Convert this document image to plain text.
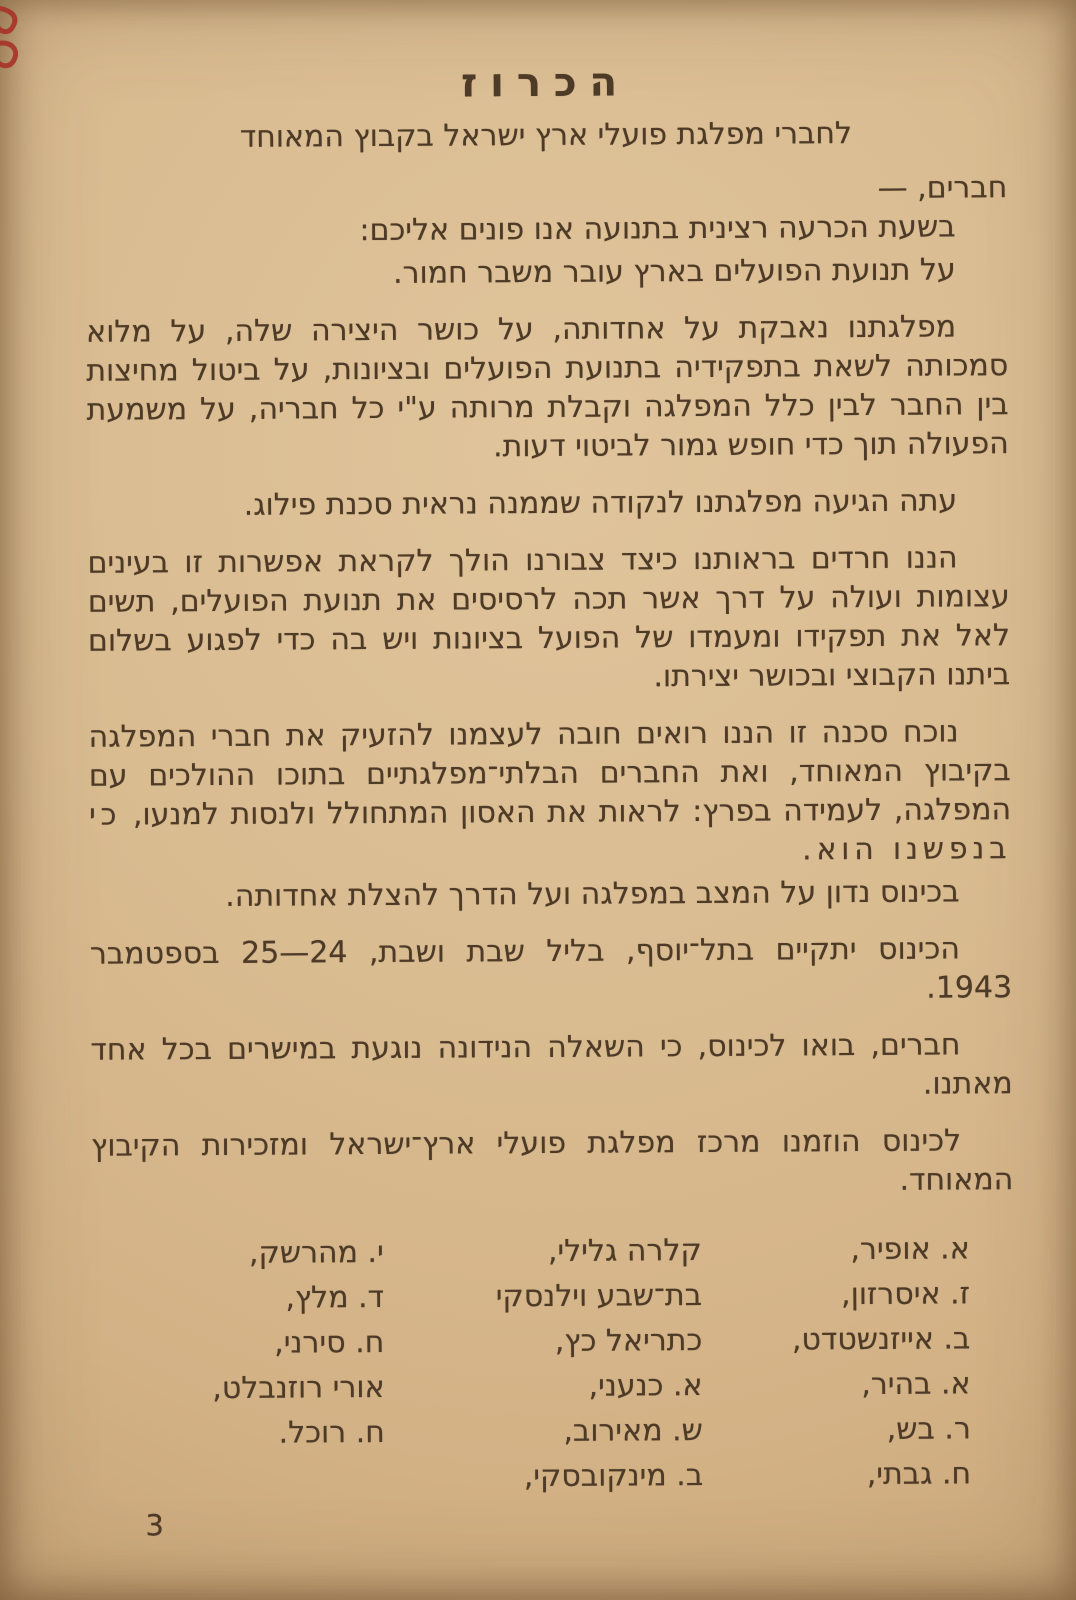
הכרוז
לחברי מפלגת פועלי ארץ ישראל בקבוץ המאוחד
חברים, —

בשעת הכרעה רצינית בתנועה אנו פונים אליכם:

על תנועת הפועלים בארץ עובר משבר חמור.

מפלגתנו נאבקת על אחדותה, על כושר היצירה שלה, על מלוא סמכותה לשאת בתפקידיה בתנועת הפועלים ובציונות, על ביטול מחיצות בין החבר לבין כלל המפלגה וקבלת מרותה ע"י כל חבריה, על משמעת הפעולה תוך כדי חופש גמור לביטוי דעות.

עתה הגיעה מפלגתנו לנקודה שממנה נראית סכנת פילוג.

הננו חרדים בראותנו כיצד צבורנו הולך לקראת אפשרות זו בעינים עצומות ועולה על דרך אשר תכה לרסיסים את תנועת הפועלים, תשים לאל את תפקידו ומעמדו של הפועל בציונות ויש בה כדי לפגוע בשלום ביתנו הקבוצי ובכושר יצירתו.

נוכח סכנה זו הננו רואים חובה לעצמנו להזעיק את חברי המפלגה בקיבוץ המאוחד, ואת החברים הבלתי־מפלגתיים בתוכו ההולכים עם המפלגה, לעמידה בפרץ: לראות את האסון המתחולל ולנסות למנעו, כי בנפשנו הוא.

בכינוס נדון על המצב במפלגה ועל הדרך להצלת אחדותה.

הכינוס יתקיים בתל־יוסף, בליל שבת ושבת, 24—25 בספטמבר 1943.

חברים, בואו לכינוס, כי השאלה הנידונה נוגעת במישרים בכל אחד מאתנו.

לכינוס הוזמנו מרכז מפלגת פועלי ארץ־ישראל ומזכירות הקיבוץ המאוחד.

א. אופיר,
קלרה גלילי,
י. מהרשק,
ז. איסרזון,
בת־שבע וילנסקי
ד. מלץ,
ב. אייזנשטדט,
כתריאל כץ,
ח. סירני,
א. בהיר,
א. כנעני,
אורי רוזנבלט,
ר. בש,
ש. מאירוב,
ח. רוכל.
ח. גבתי,
ב. מינקובסקי,
3
